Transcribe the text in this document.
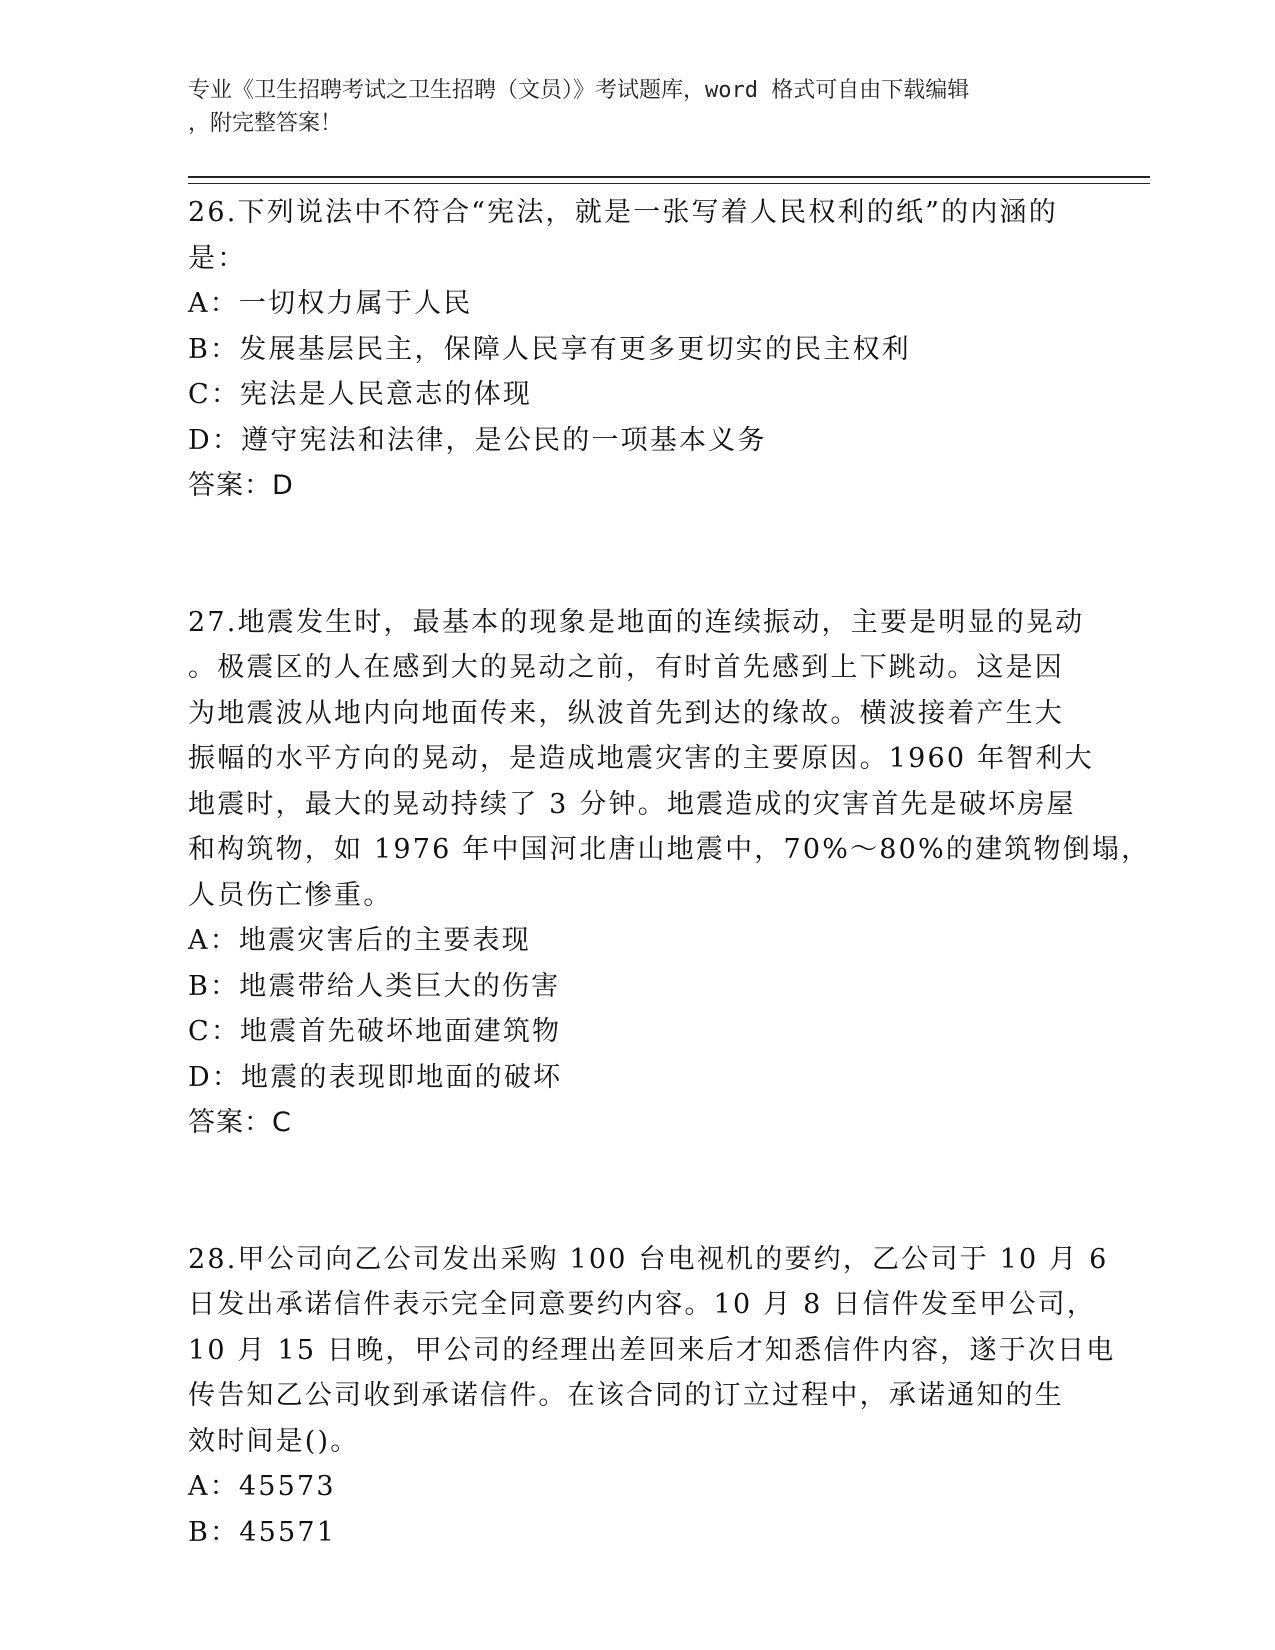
专业《卫生招聘考试之卫生招聘（文员）》考试题库，word 格式可自由下载编辑
，附完整答案！
26.下列说法中不符合“宪法，就是一张写着人民权利的纸”的内涵的
是：
A：一切权力属于人民
B：发展基层民主，保障人民享有更多更切实的民主权利
C：宪法是人民意志的体现
D：遵守宪法和法律，是公民的一项基本义务
答案：D
27.地震发生时，最基本的现象是地面的连续振动，主要是明显的晃动
。极震区的人在感到大的晃动之前，有时首先感到上下跳动。这是因
为地震波从地内向地面传来，纵波首先到达的缘故。横波接着产生大
振幅的水平方向的晃动，是造成地震灾害的主要原因。1960 年智利大
地震时，最大的晃动持续了 3 分钟。地震造成的灾害首先是破坏房屋
和构筑物，如 1976 年中国河北唐山地震中，70%～80%的建筑物倒塌，
人员伤亡惨重。
A：地震灾害后的主要表现
B：地震带给人类巨大的伤害
C：地震首先破坏地面建筑物
D：地震的表现即地面的破坏
答案：C
28.甲公司向乙公司发出采购 100 台电视机的要约，乙公司于 10 月 6
日发出承诺信件表示完全同意要约内容。10 月 8 日信件发至甲公司，
10 月 15 日晚，甲公司的经理出差回来后才知悉信件内容，遂于次日电
传告知乙公司收到承诺信件。在该合同的订立过程中，承诺通知的生
效时间是()。
A：45573
B：45571
